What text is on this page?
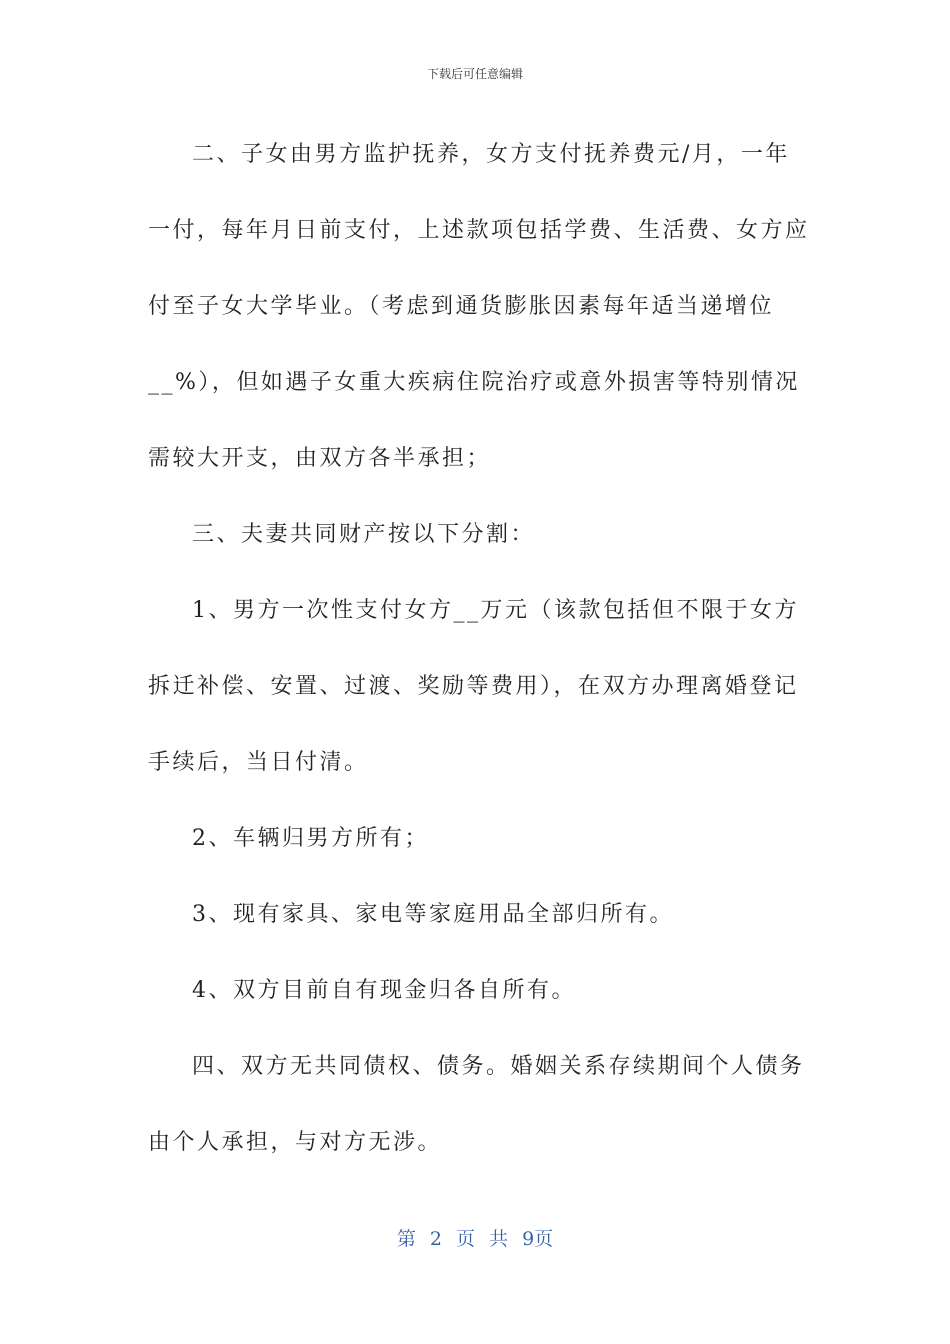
下载后可任意编辑

二、子女由男方监护抚养，女方支付抚养费元/月，一年一付，每年月日前支付，上述款项包括学费、生活费、女方应付至子女大学毕业。（考虑到通货膨胀因素每年适当递增位__%），但如遇子女重大疾病住院治疗或意外损害等特别情况需较大开支，由双方各半承担；

三、夫妻共同财产按以下分割：

1、男方一次性支付女方__万元（该款包括但不限于女方拆迁补偿、安置、过渡、奖励等费用），在双方办理离婚登记手续后，当日付清。

2、车辆归男方所有；

3、现有家具、家电等家庭用品全部归所有。

4、双方目前自有现金归各自所有。

四、双方无共同债权、债务。婚姻关系存续期间个人债务由个人承担，与对方无涉。

第 2 页 共 9页
